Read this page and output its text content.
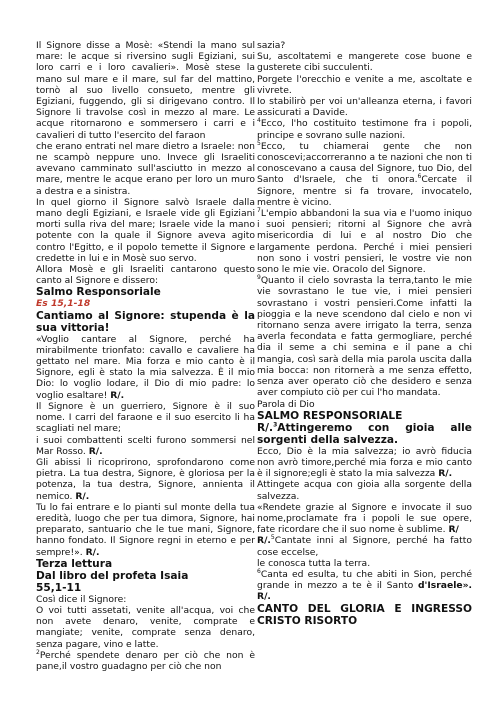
Il Signore disse a Mosè: «Stendi la mano sul mare: le acque si riversino sugli Egiziani, sui loro carri e i loro cavalieri». Mosè stese la mano sul mare e il mare, sul far del mattino, tornò al suo livello consueto, mentre gli Egiziani, fuggendo, gli si dirigevano contro. Il Signore li travolse così in mezzo al mare. Le acque ritornarono e sommersero i carri e i cavalieri di tutto l'esercito del faraon

che erano entrati nel mare dietro a Israele: non ne scampò neppure uno. Invece gli Israeliti avevano camminato sull'asciutto in mezzo al mare, mentre le acque erano per loro un muro a destra e a sinistra.

In quel giorno il Signore salvò Israele dalla mano degli Egiziani, e Israele vide gli Egiziani morti sulla riva del mare; Israele vide la mano potente con la quale il Signore aveva agito contro l'Egitto, e il popolo temette il Signore e credette in lui e in Mosè suo servo.

Allora Mosè e gli Israeliti cantarono questo canto al Signore e dissero:

Salmo Responsoriale

Es 15,1-18

Cantiamo al Signore: stupenda è la sua vittoria!

«Voglio cantare al Signore, perché ha mirabilmente trionfato: cavallo e cavaliere ha gettato nel mare. Mia forza e mio canto è il Signore, egli è stato la mia salvezza. È il mio Dio: lo voglio lodare, il Dio di mio padre: lo voglio esaltare! R/.

Il Signore è un guerriero, Signore è il suo nome. I carri del faraone e il suo esercito li ha scagliati nel mare;

i suoi combattenti scelti furono sommersi nel Mar Rosso. R/.

Gli abissi li ricoprirono, sprofondarono come pietra. La tua destra, Signore, è gloriosa per la potenza, la tua destra, Signore, annienta il nemico. R/.

Tu lo fai entrare e lo pianti sul monte della tua eredità, luogo che per tua dimora, Signore, hai preparato, santuario che le tue mani, Signore, hanno fondato. Il Signore regni in eterno e per sempre!». R/.

Terza lettura

Dal libro del profeta Isaia

55,1-11

Così dice il Signore:

O voi tutti assetati, venite all'acqua, voi che non avete denaro, venite, comprate e mangiate; venite, comprate senza denaro, senza pagare, vino e latte.

$^2$Perché spendete denaro per ciò che non è pane,il vostro guadagno per ciò che non

sazia?

Su, ascoltatemi e mangerete cose buone e gusterete cibi succulenti.

Porgete l'orecchio e venite a me, ascoltate e vivrete.

Io stabilirò per voi un'alleanza eterna, i favori assicurati a Davide.

$^4$Ecco, l'ho costituito testimone fra i popoli, principe e sovrano sulle nazioni.

$^5$Ecco, tu chiamerai gente che non conoscevi;accorreranno a te nazioni che non ti conoscevano a causa del Signore, tuo Dio, del Santo d'Israele, che ti onora.$^6$Cercate il Signore, mentre si fa trovare, invocatelo, mentre è vicino.

$^7$L'empio abbandoni la sua via e l'uomo iniquo i suoi pensieri; ritorni al Signore che avrà misericordia di lui e al nostro Dio che largamente perdona. Perché i miei pensieri non sono i vostri pensieri, le vostre vie non sono le mie vie. Oracolo del Signore.

$^9$Quanto il cielo sovrasta la terra,tanto le mie vie sovrastano le tue vie, i miei pensieri sovrastano i vostri pensieri.Come infatti la pioggia e la neve scendono dal cielo e non vi ritornano senza avere irrigato la terra, senza averla fecondata e fatta germogliare, perché dia il seme a chi semina e il pane a chi mangia, così sarà della mia parola uscita dalla mia bocca: non ritornerà a me senza effetto, senza aver operato ciò che desidero e senza aver compiuto ciò per cui l'ho mandata.

Parola di Dio

SALMO RESPONSORIALE

R/.$^3$Attingeremo con gioia alle sorgenti della salvezza.

Ecco, Dio è la mia salvezza; io avrò fiducia non avrò timore,perché mia forza e mio canto è il signore;egli è stato la mia salvezza R/.

Attingete acqua con gioia alla sorgente della salvezza.

«Rendete grazie al Signore e invocate il suo nome,proclamate fra i popoli le sue opere, fate ricordare che il suo nome è sublime. R/

R/.$^5$Cantate inni al Signore, perché ha fatto cose eccelse,

le conosca tutta la terra.

$^6$Canta ed esulta, tu che abiti in Sion, perché grande in mezzo a te è il Santo d'Israele». R/.

CANTO DEL GLORIA E INGRESSO CRISTO RISORTO
